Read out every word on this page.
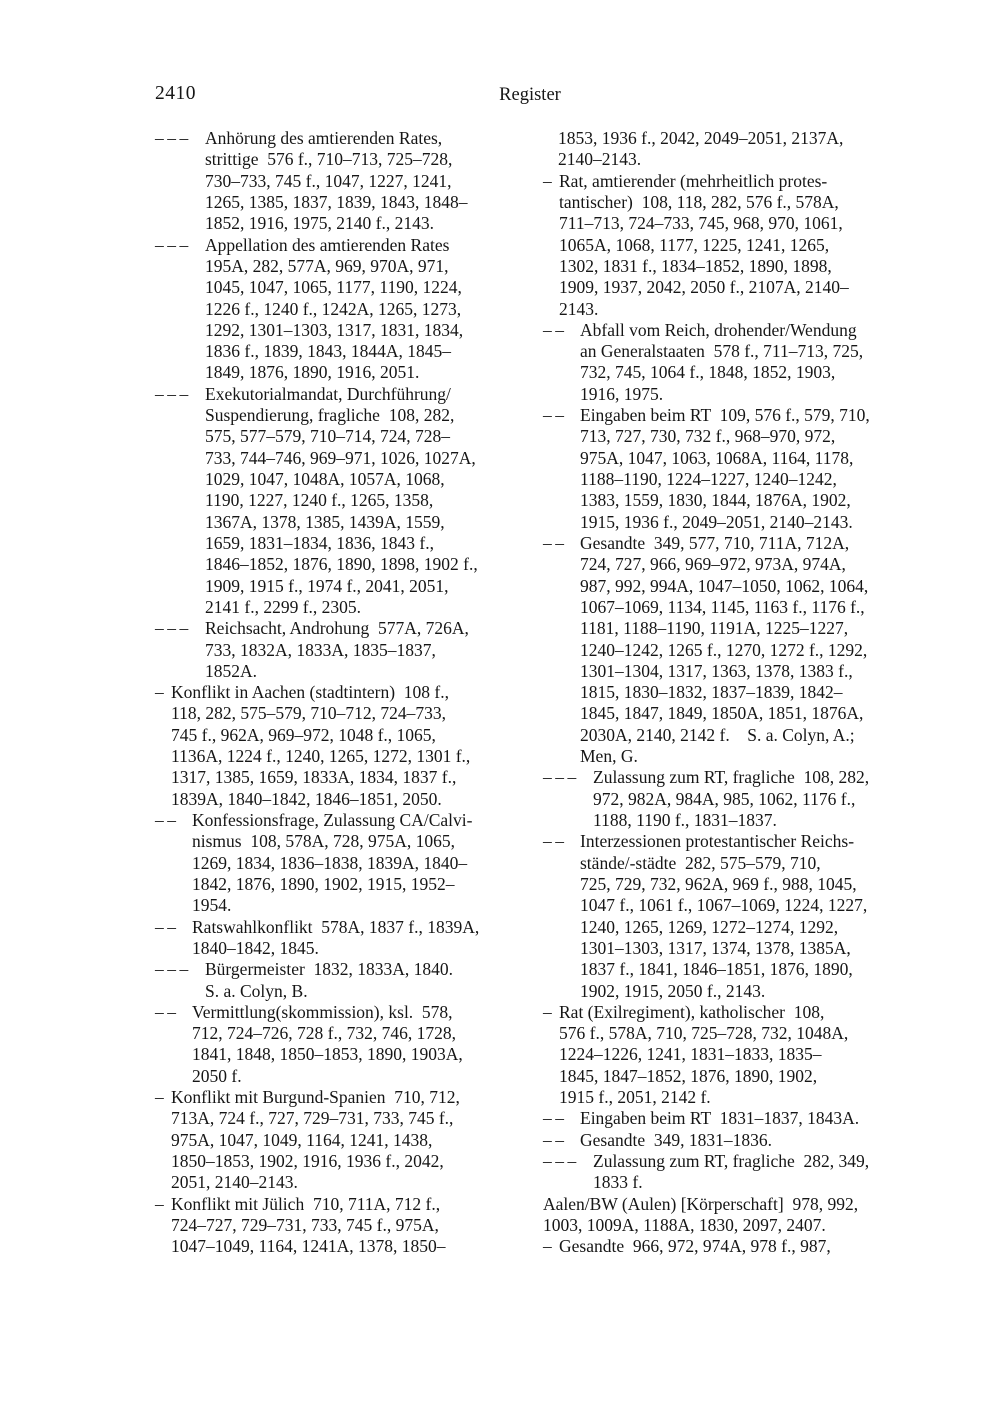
2410	Register
––– Anhörung des amtierenden Rates,
strittige  576 f., 710–713, 725–728,
730–733, 745 f., 1047, 1227, 1241,
1265, 1385, 1837, 1839, 1843, 1848–
1852, 1916, 1975, 2140 f., 2143.
––– Appellation des amtierenden Rates
195A, 282, 577A, 969, 970A, 971,
1045, 1047, 1065, 1177, 1190, 1224,
1226 f., 1240 f., 1242A, 1265, 1273,
1292, 1301–1303, 1317, 1831, 1834,
1836 f., 1839, 1843, 1844A, 1845–
1849, 1876, 1890, 1916, 2051.
––– Exekutorialmandat, Durchführung/
Suspendierung, fragliche  108, 282,
575, 577–579, 710–714, 724, 728–
733, 744–746, 969–971, 1026, 1027A,
1029, 1047, 1048A, 1057A, 1068,
1190, 1227, 1240 f., 1265, 1358,
1367A, 1378, 1385, 1439A, 1559,
1659, 1831–1834, 1836, 1843 f.,
1846–1852, 1876, 1890, 1898, 1902 f.,
1909, 1915 f., 1974 f., 2041, 2051,
2141 f., 2299 f., 2305.
––– Reichsacht, Androhung  577A, 726A,
733, 1832A, 1833A, 1835–1837,
1852A.
– Konflikt in Aachen (stadtintern)  108 f.,
118, 282, 575–579, 710–712, 724–733,
745 f., 962A, 969–972, 1048 f., 1065,
1136A, 1224 f., 1240, 1265, 1272, 1301 f.,
1317, 1385, 1659, 1833A, 1834, 1837 f.,
1839A, 1840–1842, 1846–1851, 2050.
–– Konfessionsfrage, Zulassung CA/Calvi-
nismus  108, 578A, 728, 975A, 1065,
1269, 1834, 1836–1838, 1839A, 1840–
1842, 1876, 1890, 1902, 1915, 1952–
1954.
–– Ratswahlkonflikt  578A, 1837 f., 1839A,
1840–1842, 1845.
––– Bürgermeister  1832, 1833A, 1840.
S. a. Colyn, B.
–– Vermittlung(skommission), ksl.  578,
712, 724–726, 728 f., 732, 746, 1728,
1841, 1848, 1850–1853, 1890, 1903A,
2050 f.
– Konflikt mit Burgund-Spanien  710, 712,
713A, 724 f., 727, 729–731, 733, 745 f.,
975A, 1047, 1049, 1164, 1241, 1438,
1850–1853, 1902, 1916, 1936 f., 2042,
2051, 2140–2143.
– Konflikt mit Jülich  710, 711A, 712 f.,
724–727, 729–731, 733, 745 f., 975A,
1047–1049, 1164, 1241A, 1378, 1850–
1853, 1936 f., 2042, 2049–2051, 2137A,
2140–2143.
– Rat, amtierender (mehrheitlich protes-
tantischer)  108, 118, 282, 576 f., 578A,
711–713, 724–733, 745, 968, 970, 1061,
1065A, 1068, 1177, 1225, 1241, 1265,
1302, 1831 f., 1834–1852, 1890, 1898,
1909, 1937, 2042, 2050 f., 2107A, 2140–
2143.
–– Abfall vom Reich, drohender/Wendung
an Generalstaaten  578 f., 711–713, 725,
732, 745, 1064 f., 1848, 1852, 1903,
1916, 1975.
–– Eingaben beim RT  109, 576 f., 579, 710,
713, 727, 730, 732 f., 968–970, 972,
975A, 1047, 1063, 1068A, 1164, 1178,
1188–1190, 1224–1227, 1240–1242,
1383, 1559, 1830, 1844, 1876A, 1902,
1915, 1936 f., 2049–2051, 2140–2143.
–– Gesandte  349, 577, 710, 711A, 712A,
724, 727, 966, 969–972, 973A, 974A,
987, 992, 994A, 1047–1050, 1062, 1064,
1067–1069, 1134, 1145, 1163 f., 1176 f.,
1181, 1188–1190, 1191A, 1225–1227,
1240–1242, 1265 f., 1270, 1272 f., 1292,
1301–1304, 1317, 1363, 1378, 1383 f.,
1815, 1830–1832, 1837–1839, 1842–
1845, 1847, 1849, 1850A, 1851, 1876A,
2030A, 2140, 2142 f.    S. a. Colyn, A.;
Men, G.
––– Zulassung zum RT, fragliche  108, 282,
972, 982A, 984A, 985, 1062, 1176 f.,
1188, 1190 f., 1831–1837.
–– Interzessionen protestantischer Reichs-
stände/-städte  282, 575–579, 710,
725, 729, 732, 962A, 969 f., 988, 1045,
1047 f., 1061 f., 1067–1069, 1224, 1227,
1240, 1265, 1269, 1272–1274, 1292,
1301–1303, 1317, 1374, 1378, 1385A,
1837 f., 1841, 1846–1851, 1876, 1890,
1902, 1915, 2050 f., 2143.
– Rat (Exilregiment), katholischer  108,
576 f., 578A, 710, 725–728, 732, 1048A,
1224–1226, 1241, 1831–1833, 1835–
1845, 1847–1852, 1876, 1890, 1902,
1915 f., 2051, 2142 f.
–– Eingaben beim RT  1831–1837, 1843A.
–– Gesandte  349, 1831–1836.
––– Zulassung zum RT, fragliche  282, 349,
1833 f.
Aalen/BW (Aulen) [Körperschaft]  978, 992,
1003, 1009A, 1188A, 1830, 2097, 2407.
– Gesandte  966, 972, 974A, 978 f., 987,
